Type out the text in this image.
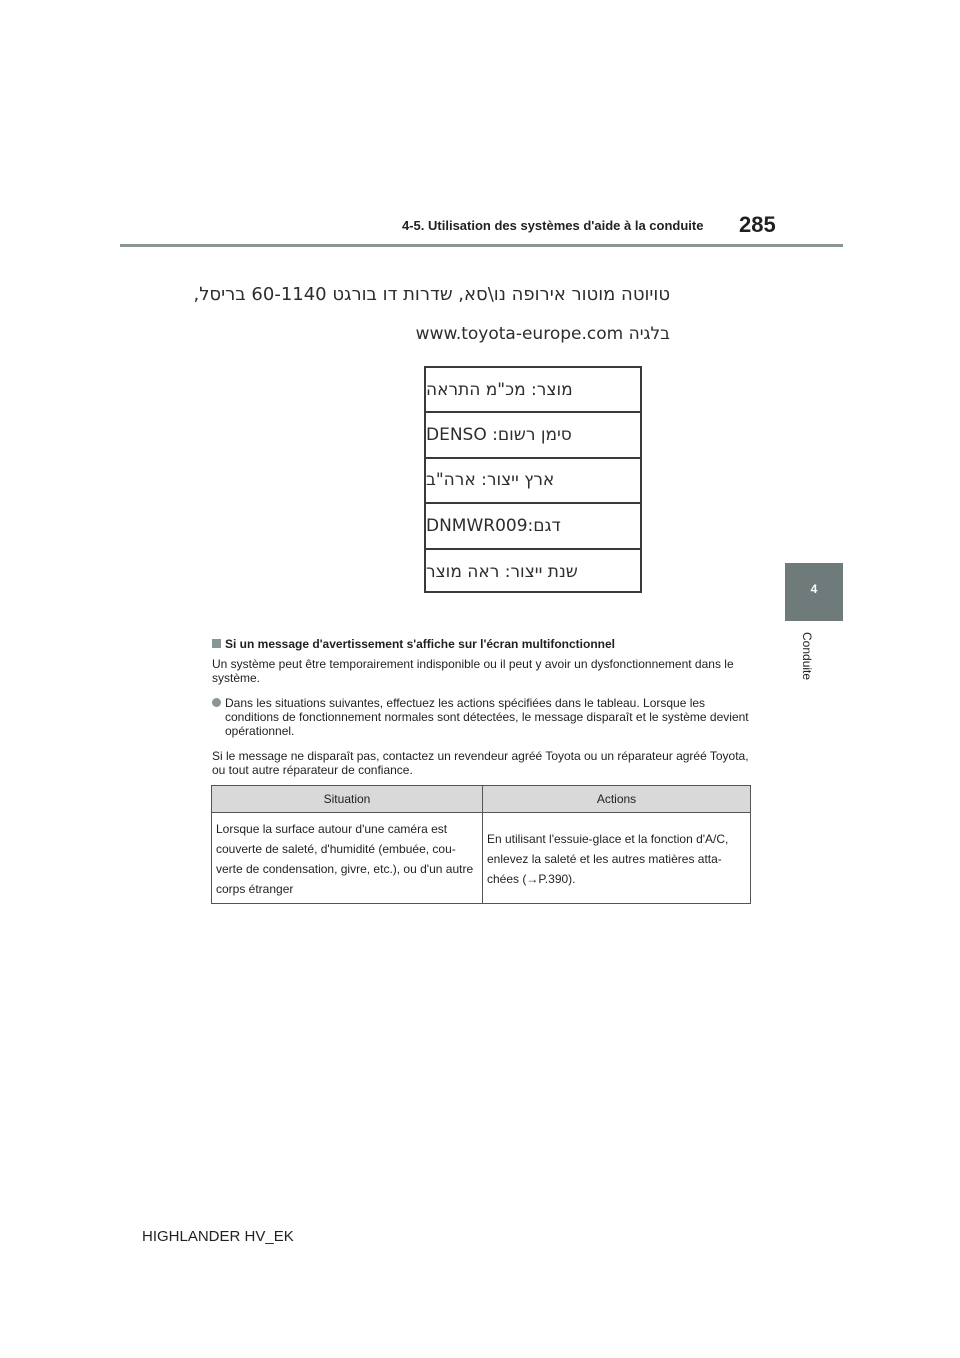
4-5. Utilisation des systèmes d'aide à la conduite 285
4
Conduite
טויוטה מוטור אירופה נו\סא, שדרות דו בורגט 60-1140 בריסל,
בלגיה www.toyota-europe.com
מוצר: מכ"מ התראה
סימן רשום: DENSO
ארץ ייצור: ארה"ב
דגם:DNMWR009
שנת ייצור: ראה מוצר
Si un message d'avertissement s'affiche sur l'écran multifonctionnel
Un système peut être temporairement indisponible ou il peut y avoir un dysfonctionnement dans le système.
Dans les situations suivantes, effectuez les actions spécifiées dans le tableau. Lorsque les conditions de fonctionnement normales sont détectées, le message disparaît et le système devient opérationnel.
Si le message ne disparaît pas, contactez un revendeur agréé Toyota ou un réparateur agréé Toyota, ou tout autre réparateur de confiance.
Situation	Actions
Lorsque la surface autour d'une caméra est couverte de saleté, d'humidité (embuée, cou-verte de condensation, givre, etc.), ou d'un autre corps étranger	En utilisant l'essuie-glace et la fonction d'A/C, enlevez la saleté et les autres matières atta-chées (→P.390).
HIGHLANDER HV_EK
